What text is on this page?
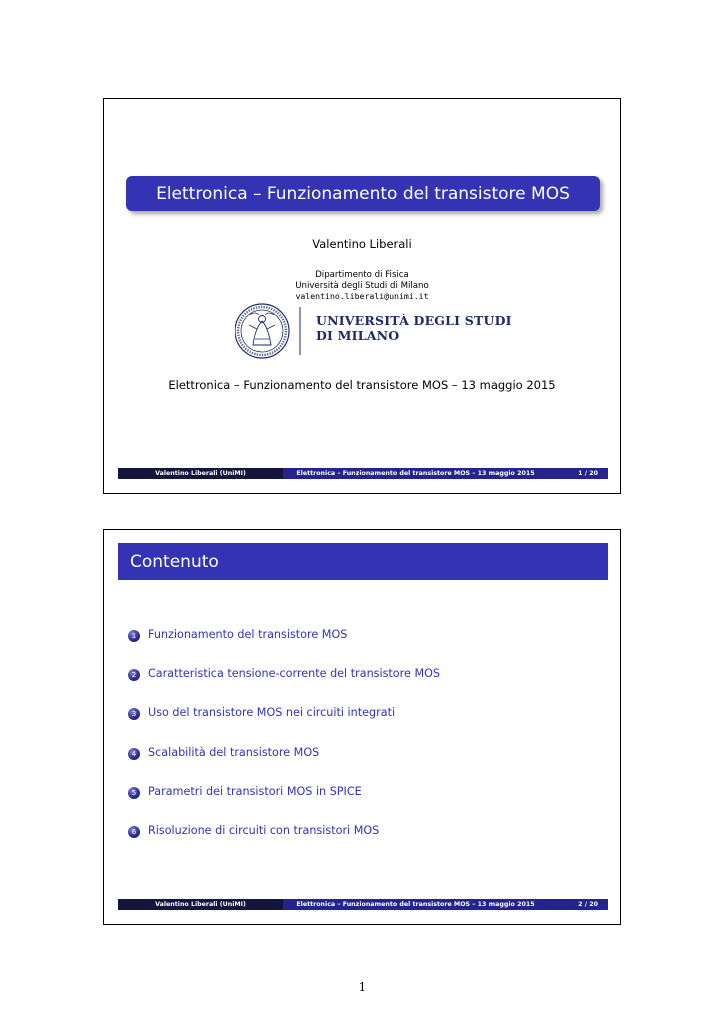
Elettronica – Funzionamento del transistore MOS
Valentino Liberali
Dipartimento di Fisica
Università degli Studi di Milano
valentino.liberali@unimi.it
UNIVERSITÀ DEGLI STUDI
DI MILANO
Elettronica – Funzionamento del transistore MOS – 13 maggio 2015
Valentino Liberali (UniMI)	Elettronica – Funzionamento del transistore MOS – 13 maggio 2015	1 / 20
Contenuto
1	Funzionamento del transistore MOS
2	Caratteristica tensione-corrente del transistore MOS
3	Uso del transistore MOS nei circuiti integrati
4	Scalabilità del transistore MOS
5	Parametri dei transistori MOS in SPICE
6	Risoluzione di circuiti con transistori MOS
Valentino Liberali (UniMI)	Elettronica – Funzionamento del transistore MOS – 13 maggio 2015	2 / 20
1
